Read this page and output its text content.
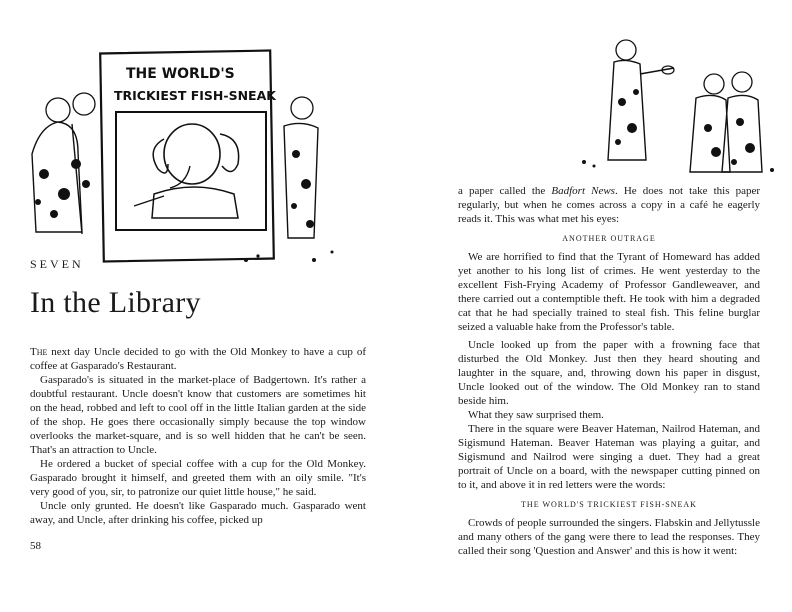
THE WORLD'S
TRICKIEST FISH-SNEAK
SEVEN
In the Library

The next day Uncle decided to go with the Old Monkey to have a cup of coffee at Gasparado's Restaurant.

Gasparado's is situated in the market-place of Badgertown. It's rather a doubtful restaurant. Uncle doesn't know that customers are sometimes hit on the head, robbed and left to cool off in the little Italian garden at the side of the shop. He goes there occasionally simply because the top window overlooks the market-square, and is so well hidden that he can't be seen. That's an attraction to Uncle.

He ordered a bucket of special coffee with a cup for the Old Monkey. Gasparado brought it himself, and greeted them with an oily smile. "It's very good of you, sir, to patronize our quiet little house," he said.

Uncle only grunted. He doesn't like Gasparado much. Gasparado went away, and Uncle, after drinking his coffee, picked up

58

a paper called the Badfort News. He does not take this paper regularly, but when he comes across a copy in a café he eagerly reads it. This was what met his eyes:

ANOTHER OUTRAGE

We are horrified to find that the Tyrant of Homeward has added yet another to his long list of crimes. He went yesterday to the excellent Fish-Frying Academy of Professor Gandleweaver, and there carried out a contemptible theft. He took with him a degraded cat that he had specially trained to steal fish. This feline burglar seized a valuable hake from the Professor's table.

Uncle looked up from the paper with a frowning face that disturbed the Old Monkey. Just then they heard shouting and laughter in the square, and, throwing down his paper in disgust, Uncle looked out of the window. The Old Monkey ran to stand beside him.

What they saw surprised them.

There in the square were Beaver Hateman, Nailrod Hateman, and Sigismund Hateman. Beaver Hateman was playing a guitar, and Sigismund and Nailrod were singing a duet. They had a great portrait of Uncle on a board, with the newspaper cutting pinned on to it, and above it in red letters were the words:

THE WORLD'S TRICKIEST FISH-SNEAK

Crowds of people surrounded the singers. Flabskin and Jellytussle and many others of the gang were there to lead the responses. They called their song 'Question and Answer' and this is how it went:
